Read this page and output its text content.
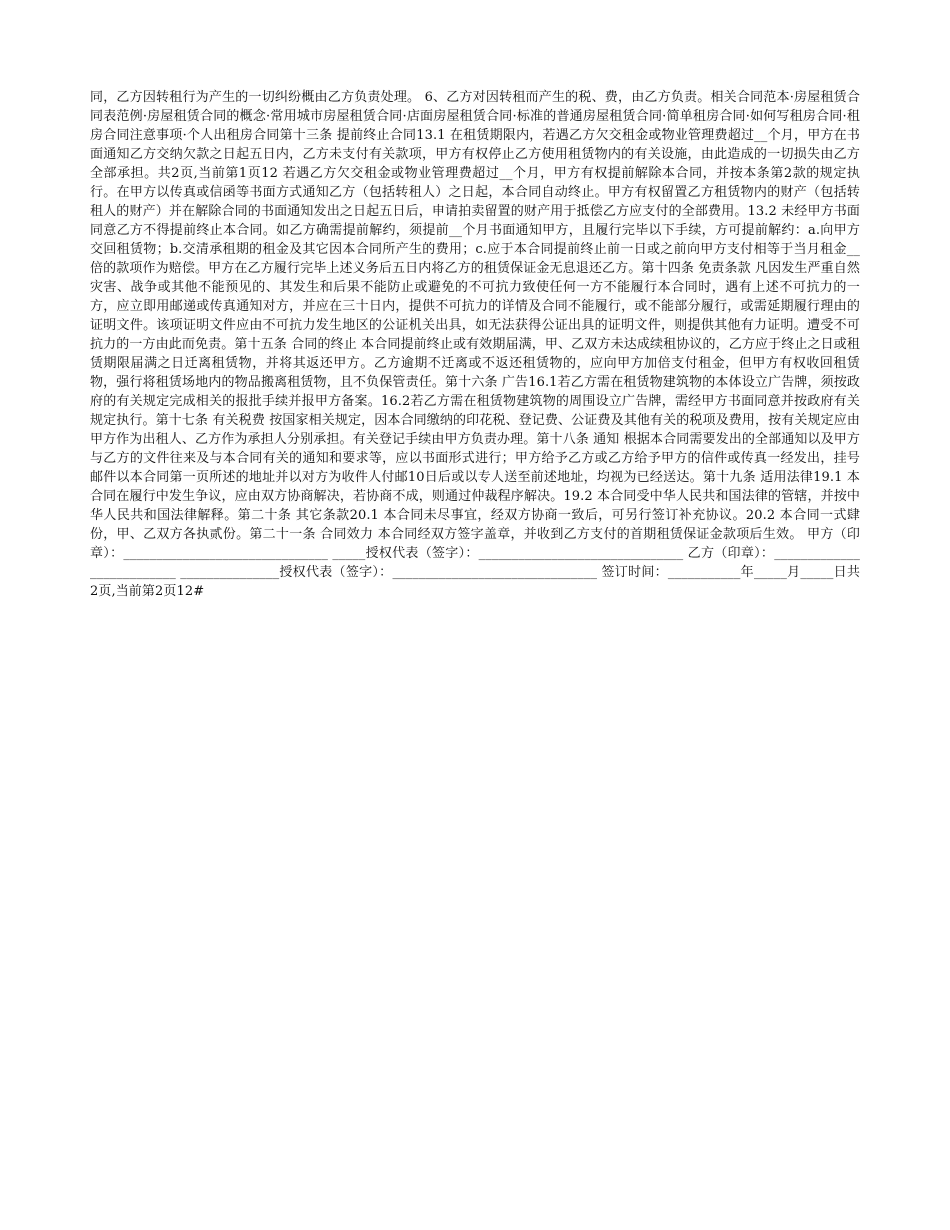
同，乙方因转租行为产生的一切纠纷概由乙方负责处理。 6、乙方对因转租而产生的税、费，由乙方负责。相关合同范本·房屋租赁合同表范例·房屋租赁合同的概念·常用城市房屋租赁合同·店面房屋租赁合同·标准的普通房屋租赁合同·简单租房合同·如何写租房合同·租房合同注意事项·个人出租房合同第十三条 提前终止合同13.1 在租赁期限内，若遇乙方欠交租金或物业管理费超过__个月，甲方在书面通知乙方交纳欠款之日起五日内，乙方未支付有关款项，甲方有权停止乙方使用租赁物内的有关设施，由此造成的一切损失由乙方全部承担。共2页,当前第1页12 若遇乙方欠交租金或物业管理费超过__个月，甲方有权提前解除本合同，并按本条第2款的规定执行。在甲方以传真或信函等书面方式通知乙方（包括转租人）之日起，本合同自动终止。甲方有权留置乙方租赁物内的财产（包括转租人的财产）并在解除合同的书面通知发出之日起五日后，申请拍卖留置的财产用于抵偿乙方应支付的全部费用。13.2 未经甲方书面同意乙方不得提前终止本合同。如乙方确需提前解约，须提前__个月书面通知甲方，且履行完毕以下手续，方可提前解约：a.向甲方交回租赁物；b.交清承租期的租金及其它因本合同所产生的费用；c.应于本合同提前终止前一日或之前向甲方支付相等于当月租金__倍的款项作为赔偿。甲方在乙方履行完毕上述义务后五日内将乙方的租赁保证金无息退还乙方。第十四条 免责条款 凡因发生严重自然灾害、战争或其他不能预见的、其发生和后果不能防止或避免的不可抗力致使任何一方不能履行本合同时，遇有上述不可抗力的一方，应立即用邮递或传真通知对方，并应在三十日内，提供不可抗力的详情及合同不能履行，或不能部分履行，或需延期履行理由的证明文件。该项证明文件应由不可抗力发生地区的公证机关出具，如无法获得公证出具的证明文件，则提供其他有力证明。遭受不可抗力的一方由此而免责。第十五条 合同的终止 本合同提前终止或有效期届满，甲、乙双方未达成续租协议的，乙方应于终止之日或租赁期限届满之日迁离租赁物，并将其返还甲方。乙方逾期不迁离或不返还租赁物的，应向甲方加倍支付租金，但甲方有权收回租赁物，强行将租赁场地内的物品搬离租赁物，且不负保管责任。第十六条 广告16.1若乙方需在租赁物建筑物的本体设立广告牌，须按政府的有关规定完成相关的报批手续并报甲方备案。16.2若乙方需在租赁物建筑物的周围设立广告牌，需经甲方书面同意并按政府有关规定执行。第十七条 有关税费 按国家相关规定，因本合同缴纳的印花税、登记费、公证费及其他有关的税项及费用，按有关规定应由甲方作为出租人、乙方作为承担人分别承担。有关登记手续由甲方负责办理。第十八条 通知 根据本合同需要发出的全部通知以及甲方与乙方的文件往来及与本合同有关的通知和要求等，应以书面形式进行；甲方给予乙方或乙方给予甲方的信件或传真一经发出，挂号邮件以本合同第一页所述的地址并以对方为收件人付邮10日后或以专人送至前述地址，均视为已经送达。第十九条 适用法律19.1 本合同在履行中发生争议，应由双方协商解决，若协商不成，则通过仲裁程序解决。19.2 本合同受中华人民共和国法律的管辖，并按中华人民共和国法律解释。第二十条 其它条款20.1 本合同未尽事宜，经双方协商一致后，可另行签订补充协议。20.2 本合同一式肆份，甲、乙双方各执贰份。第二十一条 合同效力 本合同经双方签字盖章，并收到乙方支付的首期租赁保证金款项后生效。 甲方（印章）：_______________________________ _____授权代表（签字）：_______________________________ 乙方（印章）：__________________________ _______________授权代表（签字）：_______________________________ 签订时间：___________年_____月_____日共2页,当前第2页12#
